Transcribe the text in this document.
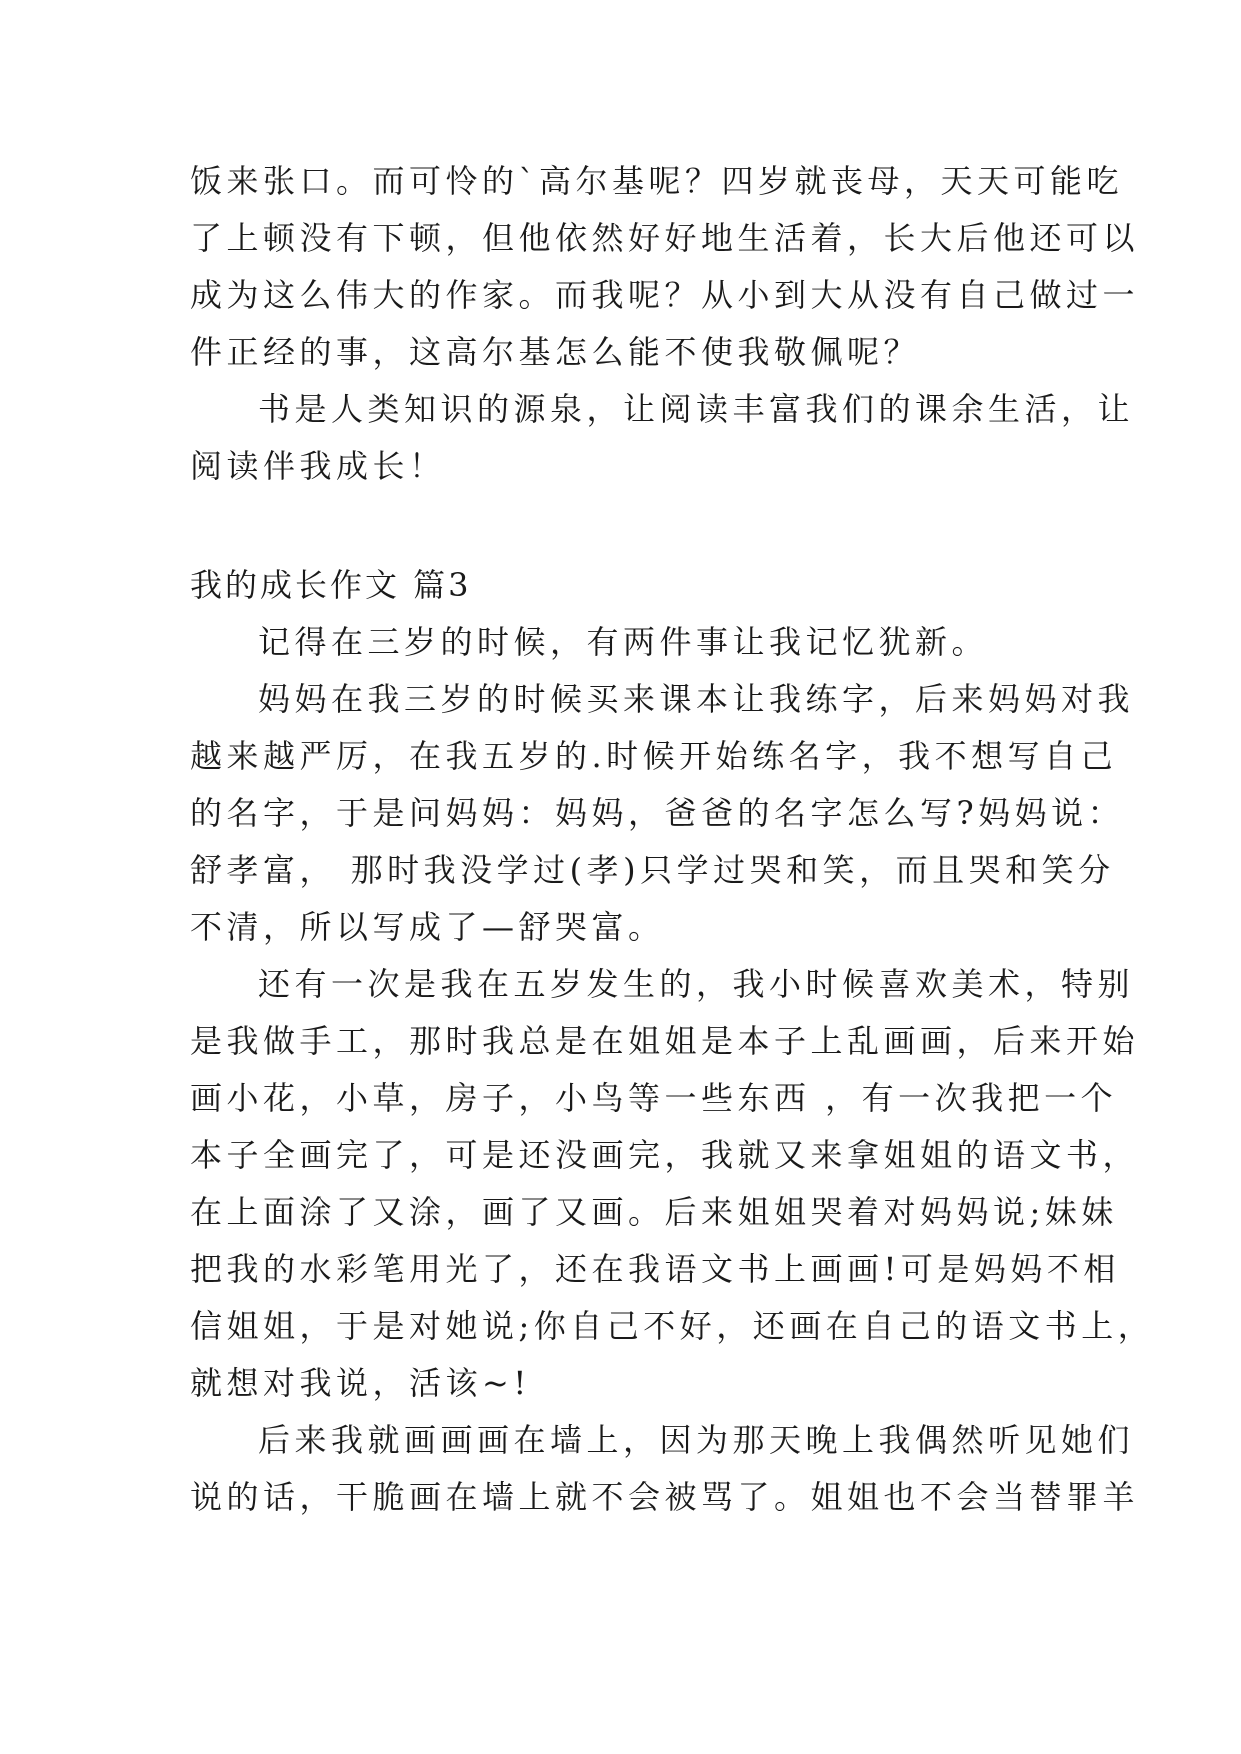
饭来张口。而可怜的`高尔基呢？四岁就丧母，天天可能吃
了上顿没有下顿，但他依然好好地生活着，长大后他还可以
成为这么伟大的作家。而我呢？从小到大从没有自己做过一
件正经的事，这高尔基怎么能不使我敬佩呢？

书是人类知识的源泉，让阅读丰富我们的课余生活，让
阅读伴我成长！

我的成长作文 篇3

记得在三岁的时候，有两件事让我记忆犹新。

妈妈在我三岁的时候买来课本让我练字，后来妈妈对我
越来越严厉，在我五岁的.时候开始练名字，我不想写自己
的名字，于是问妈妈：妈妈，爸爸的名字怎么写?妈妈说：
舒孝富， 那时我没学过(孝)只学过哭和笑，而且哭和笑分
不清，所以写成了—舒哭富。

还有一次是我在五岁发生的，我小时候喜欢美术，特别
是我做手工，那时我总是在姐姐是本子上乱画画，后来开始
画小花，小草，房子，小鸟等一些东西 ，有一次我把一个
本子全画完了，可是还没画完，我就又来拿姐姐的语文书，
在上面涂了又涂，画了又画。后来姐姐哭着对妈妈说;妹妹
把我的水彩笔用光了，还在我语文书上画画!可是妈妈不相
信姐姐，于是对她说;你自己不好，还画在自己的语文书上，
就想对我说，活该~!

后来我就画画画在墙上，因为那天晚上我偶然听见她们
说的话，干脆画在墙上就不会被骂了。姐姐也不会当替罪羊
